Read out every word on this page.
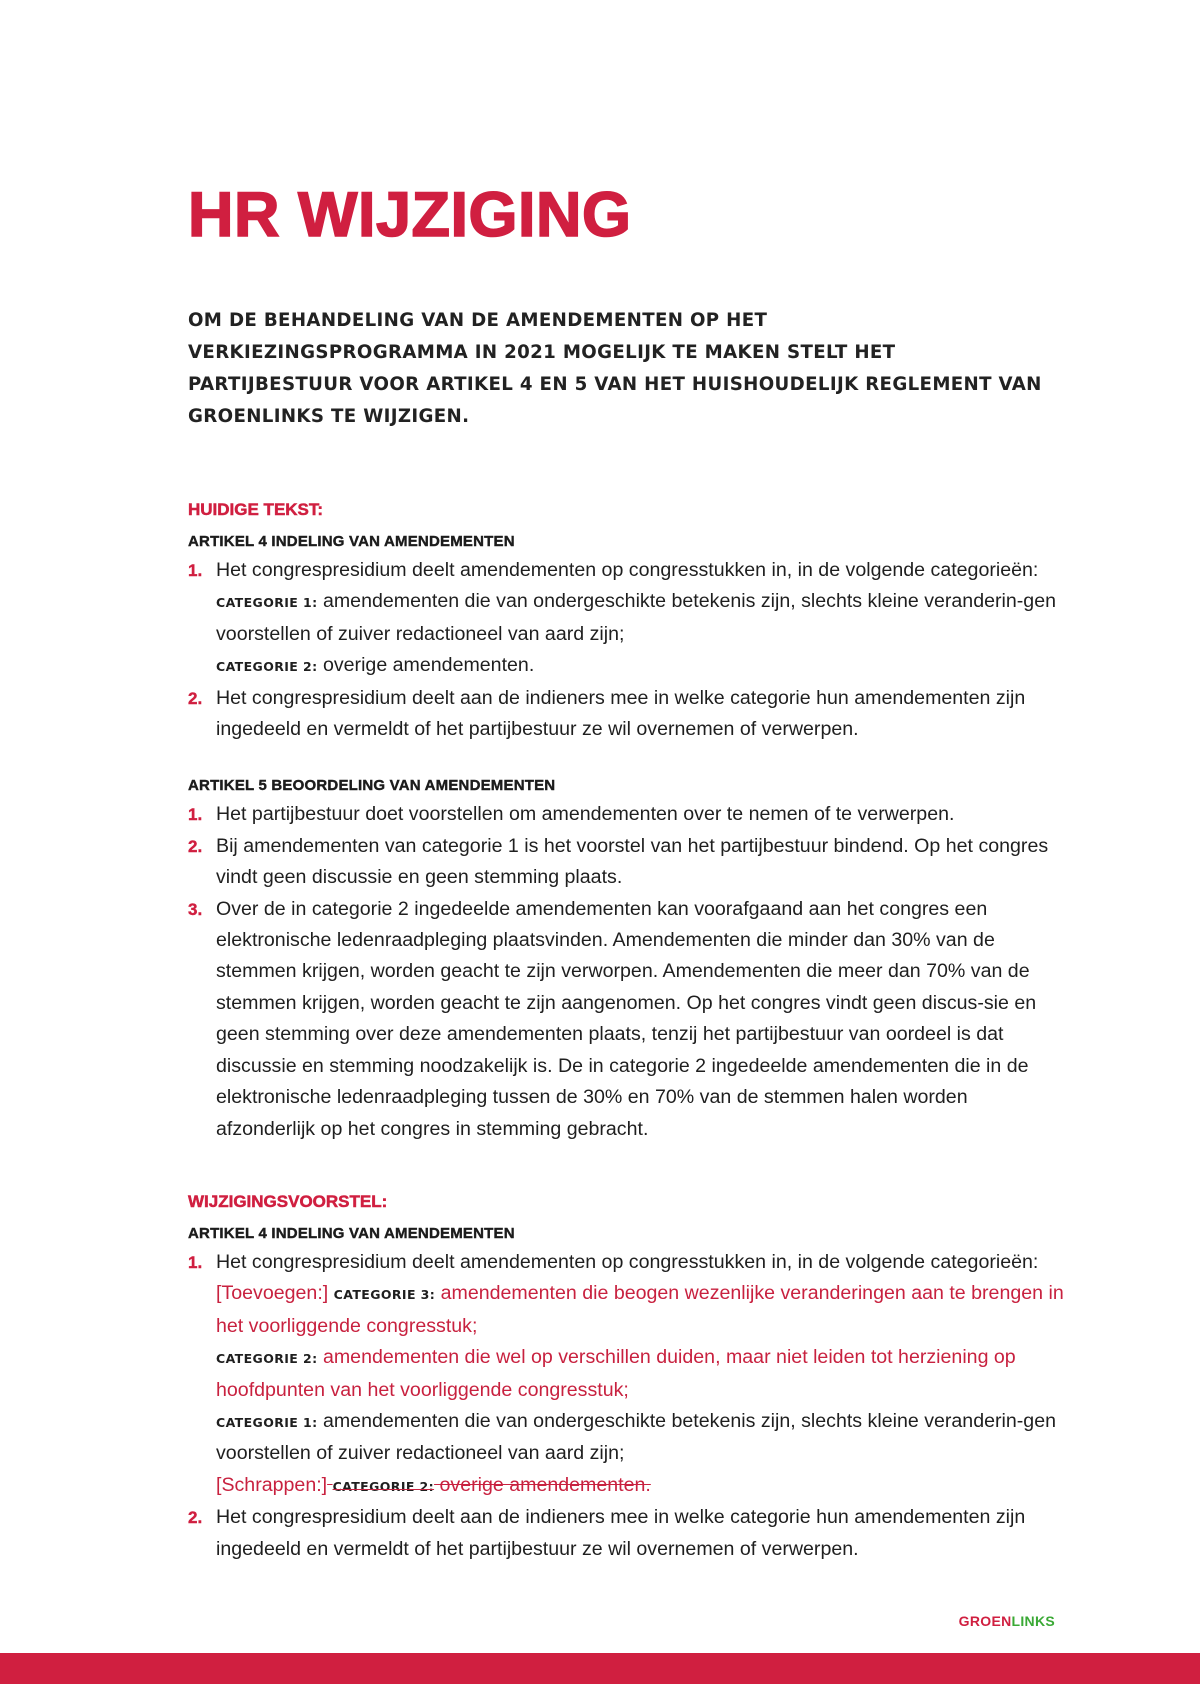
HR WIJZIGING

OM DE BEHANDELING VAN DE AMENDEMENTEN OP HET VERKIEZINGSPROGRAMMA IN 2021 MOGELIJK TE MAKEN STELT HET PARTIJBESTUUR VOOR ARTIKEL 4 EN 5 VAN HET HUISHOUDELIJK REGLEMENT VAN GROENLINKS TE WIJZIGEN.

HUIDIGE TEKST:

ARTIKEL 4 INDELING VAN AMENDEMENTEN

1. Het congrespresidium deelt amendementen op congresstukken in, in de volgende categorieën:
CATEGORIE 1: amendementen die van ondergeschikte betekenis zijn, slechts kleine veranderin-gen voorstellen of zuiver redactioneel van aard zijn;
CATEGORIE 2: overige amendementen.
2. Het congrespresidium deelt aan de indieners mee in welke categorie hun amendementen zijn ingedeeld en vermeldt of het partijbestuur ze wil overnemen of verwerpen.

ARTIKEL 5 BEOORDELING VAN AMENDEMENTEN

1. Het partijbestuur doet voorstellen om amendementen over te nemen of te verwerpen.
2. Bij amendementen van categorie 1 is het voorstel van het partijbestuur bindend. Op het congres vindt geen discussie en geen stemming plaats.
3. Over de in categorie 2 ingedeelde amendementen kan voorafgaand aan het congres een elektronische ledenraadpleging plaatsvinden. Amendementen die minder dan 30% van de stemmen krijgen, worden geacht te zijn verworpen. Amendementen die meer dan 70% van de stemmen krijgen, worden geacht te zijn aangenomen. Op het congres vindt geen discus-sie en geen stemming over deze amendementen plaats, tenzij het partijbestuur van oordeel is dat discussie en stemming noodzakelijk is. De in categorie 2 ingedeelde amendementen die in de elektronische ledenraadpleging tussen de 30% en 70% van de stemmen halen worden afzonderlijk op het congres in stemming gebracht.

WIJZIGINGSVOORSTEL:

ARTIKEL 4 INDELING VAN AMENDEMENTEN

1. Het congrespresidium deelt amendementen op congresstukken in, in de volgende categorieën:
[Toevoegen:] CATEGORIE 3: amendementen die beogen wezenlijke veranderingen aan te brengen in het voorliggende congresstuk;
CATEGORIE 2: amendementen die wel op verschillen duiden, maar niet leiden tot herziening op hoofdpunten van het voorliggende congresstuk;
CATEGORIE 1: amendementen die van ondergeschikte betekenis zijn, slechts kleine veranderin-gen voorstellen of zuiver redactioneel van aard zijn;
[Schrappen:] CATEGORIE 2: overige amendementen.
2. Het congrespresidium deelt aan de indieners mee in welke categorie hun amendementen zijn ingedeeld en vermeldt of het partijbestuur ze wil overnemen of verwerpen.
GROENLINKS
